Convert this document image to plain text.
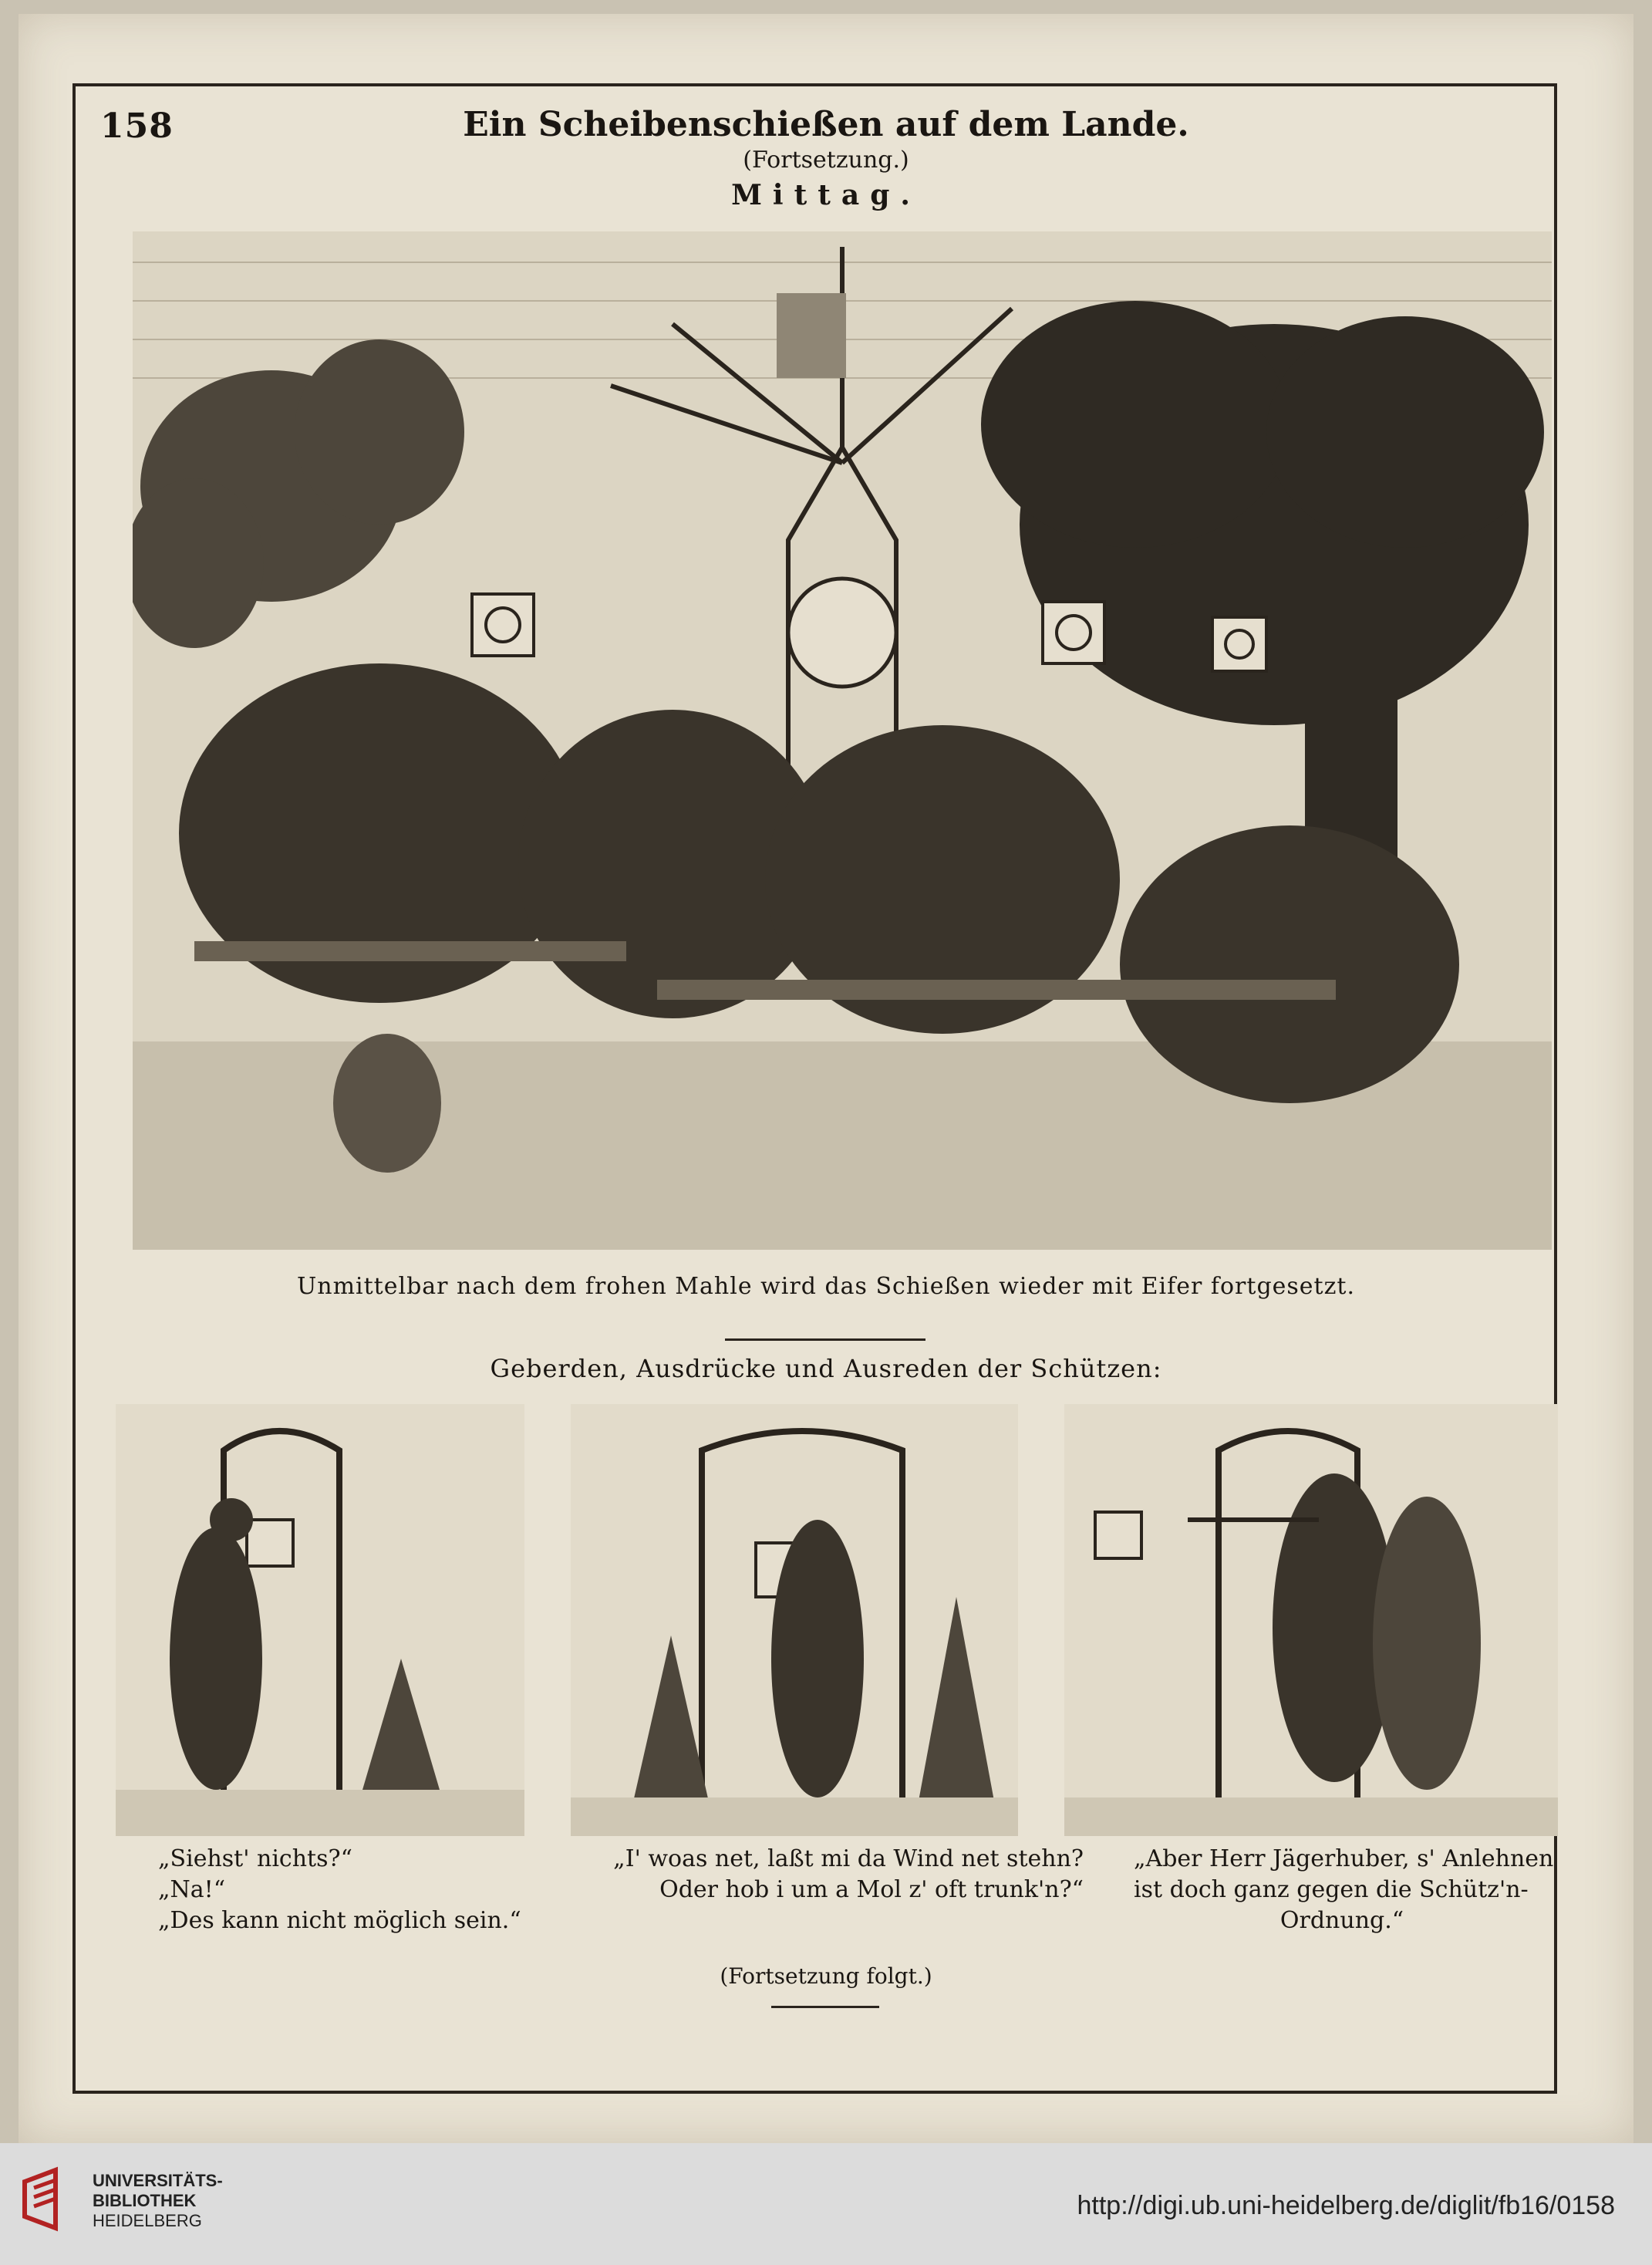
158	Ein Scheibenschießen auf dem Lande.
(Fortsetzung.)
Mittag.
Unmittelbar nach dem frohen Mahle wird das Schießen wieder mit Eifer fortgesetzt.
Geberden, Ausdrücke und Ausreden der Schützen:
„Siehst' nichts?“
„Na!“
„Des kann nicht möglich sein.“
„I' woas net, laßt mi da Wind net stehn?
Oder hob i um a Mol z' oft trunk'n?“
„Aber Herr Jägerhuber, s' Anlehnen
ist doch ganz gegen die Schütz'n-

Ordnung.“
(Fortsetzung folgt.)
UNIVERSITÄTS-
BIBLIOTHEK
HEIDELBERG
http://digi.ub.uni-heidelberg.de/diglit/fb16/0158
